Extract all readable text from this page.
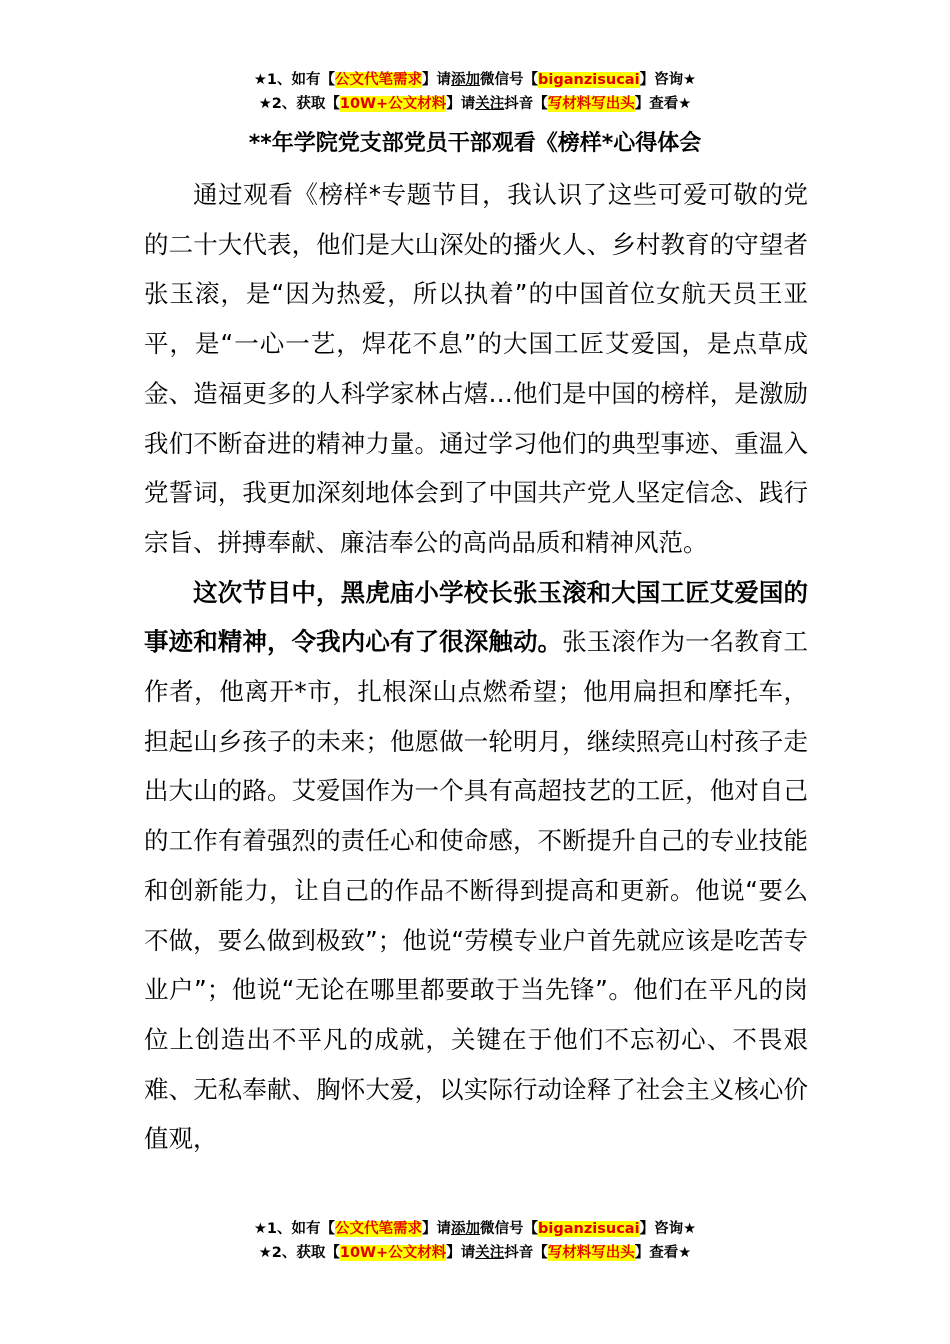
★1、如有【公文代笔需求】请添加微信号【biganzisucai】咨询★
★2、获取【10W+公文材料】请关注抖音【写材料写出头】查看★
**年学院党支部党员干部观看《榜样*心得体会

通过观看《榜样*专题节目，我认识了这些可爱可敬的党的二十大代表，他们是大山深处的播火人、乡村教育的守望者张玉滚，是“因为热爱，所以执着”的中国首位女航天员王亚平，是“一心一艺，焊花不息”的大国工匠艾爱国，是点草成金、造福更多的人科学家林占熺…他们是中国的榜样，是激励我们不断奋进的精神力量。通过学习他们的典型事迹、重温入党誓词，我更加深刻地体会到了中国共产党人坚定信念、践行宗旨、拼搏奉献、廉洁奉公的高尚品质和精神风范。

这次节目中，黑虎庙小学校长张玉滚和大国工匠艾爱国的事迹和精神，令我内心有了很深触动。张玉滚作为一名教育工作者，他离开*市，扎根深山点燃希望；他用扁担和摩托车，担起山乡孩子的未来；他愿做一轮明月，继续照亮山村孩子走出大山的路。艾爱国作为一个具有高超技艺的工匠，他对自己的工作有着强烈的责任心和使命感，不断提升自己的专业技能和创新能力，让自己的作品不断得到提高和更新。他说“要么不做，要么做到极致”；他说“劳模专业户首先就应该是吃苦专业户”；他说“无论在哪里都要敢于当先锋”。他们在平凡的岗位上创造出不平凡的成就，关键在于他们不忘初心、不畏艰难、无私奉献、胸怀大爱，以实际行动诠释了社会主义核心价值观，

★1、如有【公文代笔需求】请添加微信号【biganzisucai】咨询★
★2、获取【10W+公文材料】请关注抖音【写材料写出头】查看★
